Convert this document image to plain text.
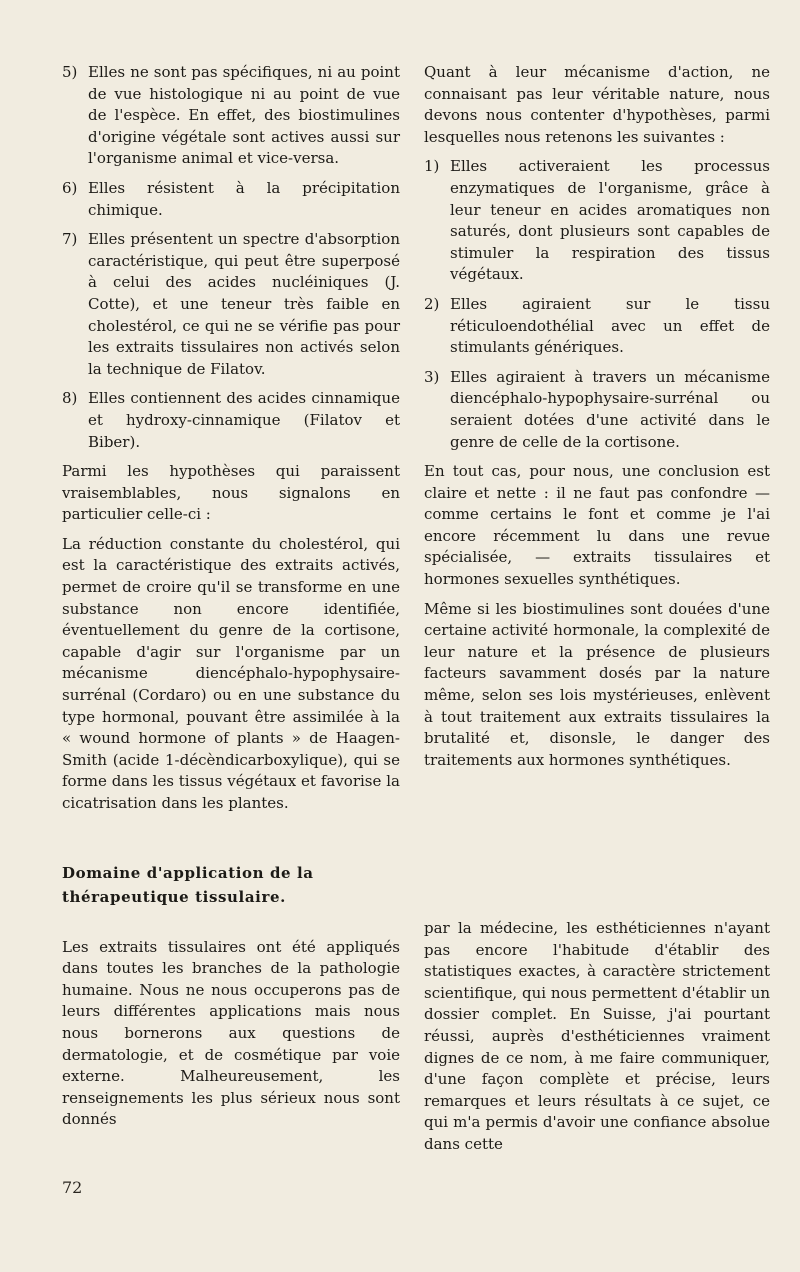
5) Elles ne sont pas spécifiques, ni au point de vue histologique ni au point de vue de l'espèce. En effet, des biostimulines d'origine végétale sont actives aussi sur l'organisme animal et vice-versa.
6) Elles résistent à la précipitation chimique.
7) Elles présentent un spectre d'absorption caractéristique, qui peut être superposé à celui des acides nucléiniques (J. Cotte), et une teneur très faible en cholestérol, ce qui ne se vérifie pas pour les extraits tissulaires non activés selon la technique de Filatov.
8) Elles contiennent des acides cinnamique et hydroxy-cinnamique (Filatov et Biber).

Parmi les hypothèses qui paraissent vraisemblables, nous signalons en particulier celle-ci :

La réduction constante du cholestérol, qui est la caractéristique des extraits activés, permet de croire qu'il se transforme en une substance non encore identifiée, éventuellement du genre de la cortisone, capable d'agir sur l'organisme par un mécanisme diencéphalo-hypophysaire-surrénal (Cordaro) ou en une substance du type hormonal, pouvant être assimilée à la « wound hormone of plants » de Haagen-Smith (acide 1-décèndicarboxylique), qui se forme dans les tissus végétaux et favorise la cicatrisation dans les plantes.

Domaine d'application de la thérapeutique tissulaire.

Les extraits tissulaires ont été appliqués dans toutes les branches de la pathologie humaine. Nous ne nous occuperons pas de leurs différentes applications mais nous nous bornerons aux questions de dermatologie, et de cosmétique par voie externe. Malheureusement, les renseignements les plus sérieux nous sont donnés

Quant à leur mécanisme d'action, ne connaisant pas leur véritable nature, nous devons nous contenter d'hypothèses, parmi lesquelles nous retenons les suivantes :

1) Elles activeraient les processus enzymatiques de l'organisme, grâce à leur teneur en acides aromatiques non saturés, dont plusieurs sont capables de stimuler la respiration des tissus végétaux.
2) Elles agiraient sur le tissu réticuloendothélial avec un effet de stimulants génériques.
3) Elles agiraient à travers un mécanisme diencéphalo-hypophysaire-surrénal ou seraient dotées d'une activité dans le genre de celle de la cortisone.

En tout cas, pour nous, une conclusion est claire et nette : il ne faut pas confondre — comme certains le font et comme je l'ai encore récemment lu dans une revue spécialisée, — extraits tissulaires et hormones sexuelles synthétiques.

Même si les biostimulines sont douées d'une certaine activité hormonale, la complexité de leur nature et la présence de plusieurs facteurs savamment dosés par la nature même, selon ses lois mystérieuses, enlèvent à tout traitement aux extraits tissulaires la brutalité et, disonsle, le danger des traitements aux hormones synthétiques.

par la médecine, les esthéticiennes n'ayant pas encore l'habitude d'établir des statistiques exactes, à caractère strictement scientifique, qui nous permettent d'établir un dossier complet. En Suisse, j'ai pourtant réussi, auprès d'esthéticiennes vraiment dignes de ce nom, à me faire communiquer, d'une façon complète et précise, leurs remarques et leurs résultats à ce sujet, ce qui m'a permis d'avoir une confiance absolue dans cette

72
